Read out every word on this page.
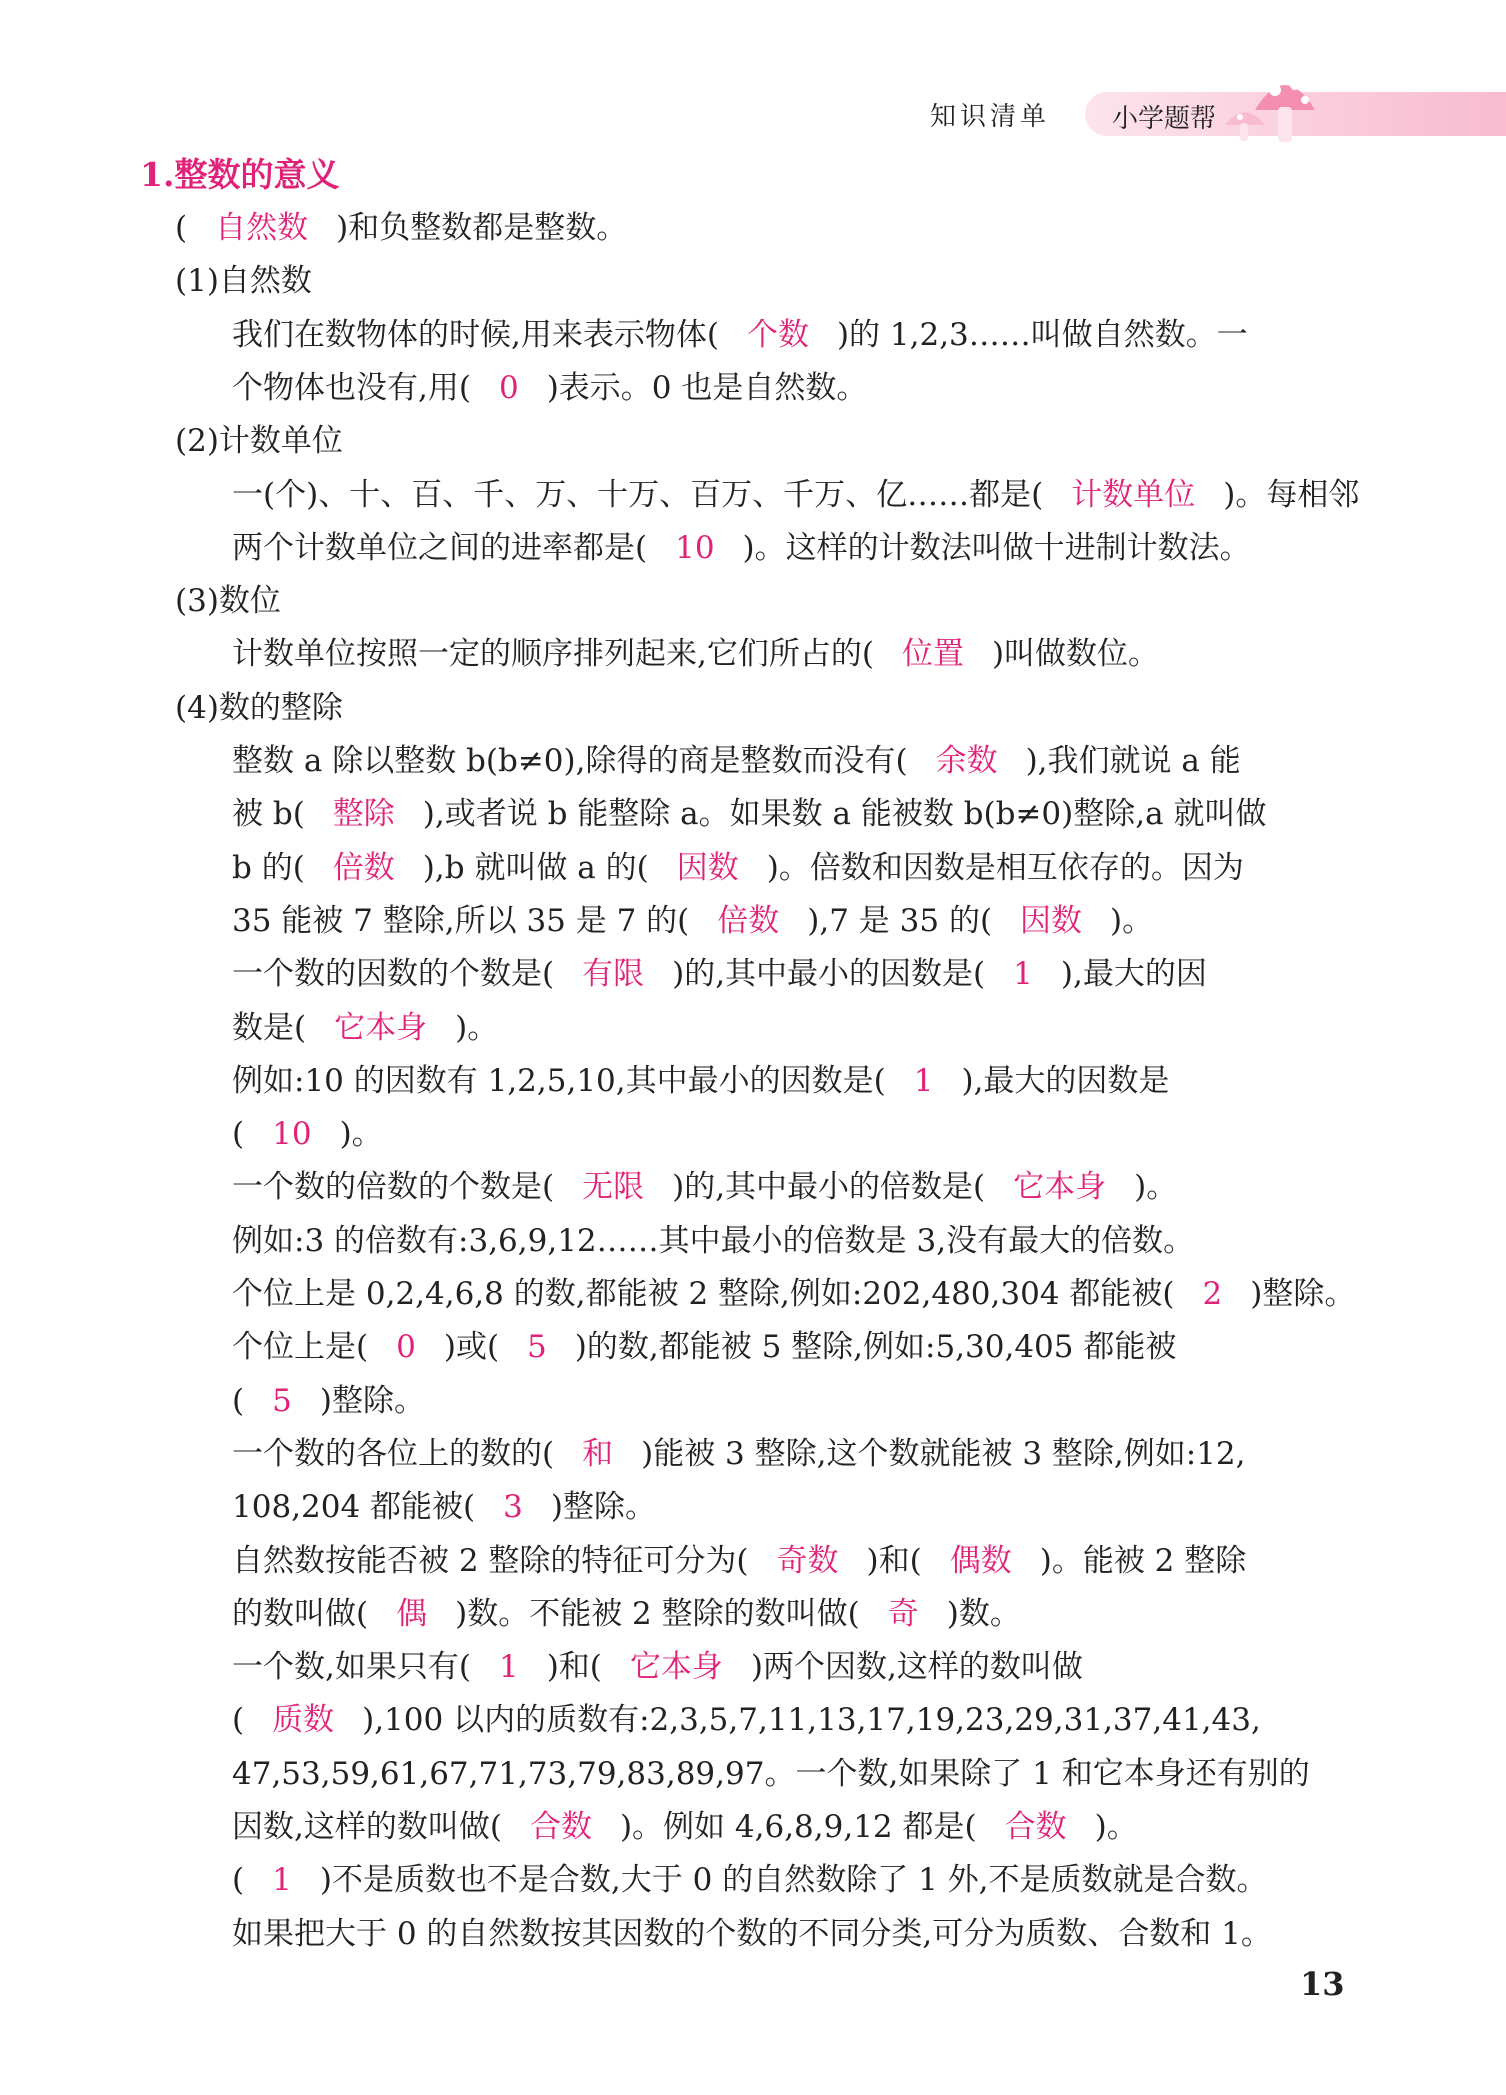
知识清单 小学题帮
1.整数的意义
( 自然数 )和负整数都是整数。
(1)自然数
我们在数物体的时候,用来表示物体( 个数 )的 1,2,3……叫做自然数。一
个物体也没有,用( 0 )表示。0 也是自然数。
(2)计数单位
一(个)、十、百、千、万、十万、百万、千万、亿……都是( 计数单位 )。每相邻
两个计数单位之间的进率都是( 10 )。这样的计数法叫做十进制计数法。
(3)数位
计数单位按照一定的顺序排列起来,它们所占的( 位置 )叫做数位。
(4)数的整除
整数 a 除以整数 b(b≠0),除得的商是整数而没有( 余数 ),我们就说 a 能
被 b( 整除 ),或者说 b 能整除 a。如果数 a 能被数 b(b≠0)整除,a 就叫做
b 的( 倍数 ),b 就叫做 a 的( 因数 )。倍数和因数是相互依存的。因为
35 能被 7 整除,所以 35 是 7 的( 倍数 ),7 是 35 的( 因数 )。
一个数的因数的个数是( 有限 )的,其中最小的因数是( 1 ),最大的因
数是( 它本身 )。
例如:10 的因数有 1,2,5,10,其中最小的因数是( 1 ),最大的因数是
( 10 )。
一个数的倍数的个数是( 无限 )的,其中最小的倍数是( 它本身 )。
例如:3 的倍数有:3,6,9,12……其中最小的倍数是 3,没有最大的倍数。
个位上是 0,2,4,6,8 的数,都能被 2 整除,例如:202,480,304 都能被( 2 )整除。
个位上是( 0 )或( 5 )的数,都能被 5 整除,例如:5,30,405 都能被
( 5 )整除。
一个数的各位上的数的( 和 )能被 3 整除,这个数就能被 3 整除,例如:12,
108,204 都能被( 3 )整除。
自然数按能否被 2 整除的特征可分为( 奇数 )和( 偶数 )。能被 2 整除
的数叫做( 偶 )数。不能被 2 整除的数叫做( 奇 )数。
一个数,如果只有( 1 )和( 它本身 )两个因数,这样的数叫做
( 质数 ),100 以内的质数有:2,3,5,7,11,13,17,19,23,29,31,37,41,43,
47,53,59,61,67,71,73,79,83,89,97。一个数,如果除了 1 和它本身还有别的
因数,这样的数叫做( 合数 )。例如 4,6,8,9,12 都是( 合数 )。
( 1 )不是质数也不是合数,大于 0 的自然数除了 1 外,不是质数就是合数。
如果把大于 0 的自然数按其因数的个数的不同分类,可分为质数、合数和 1。
13
